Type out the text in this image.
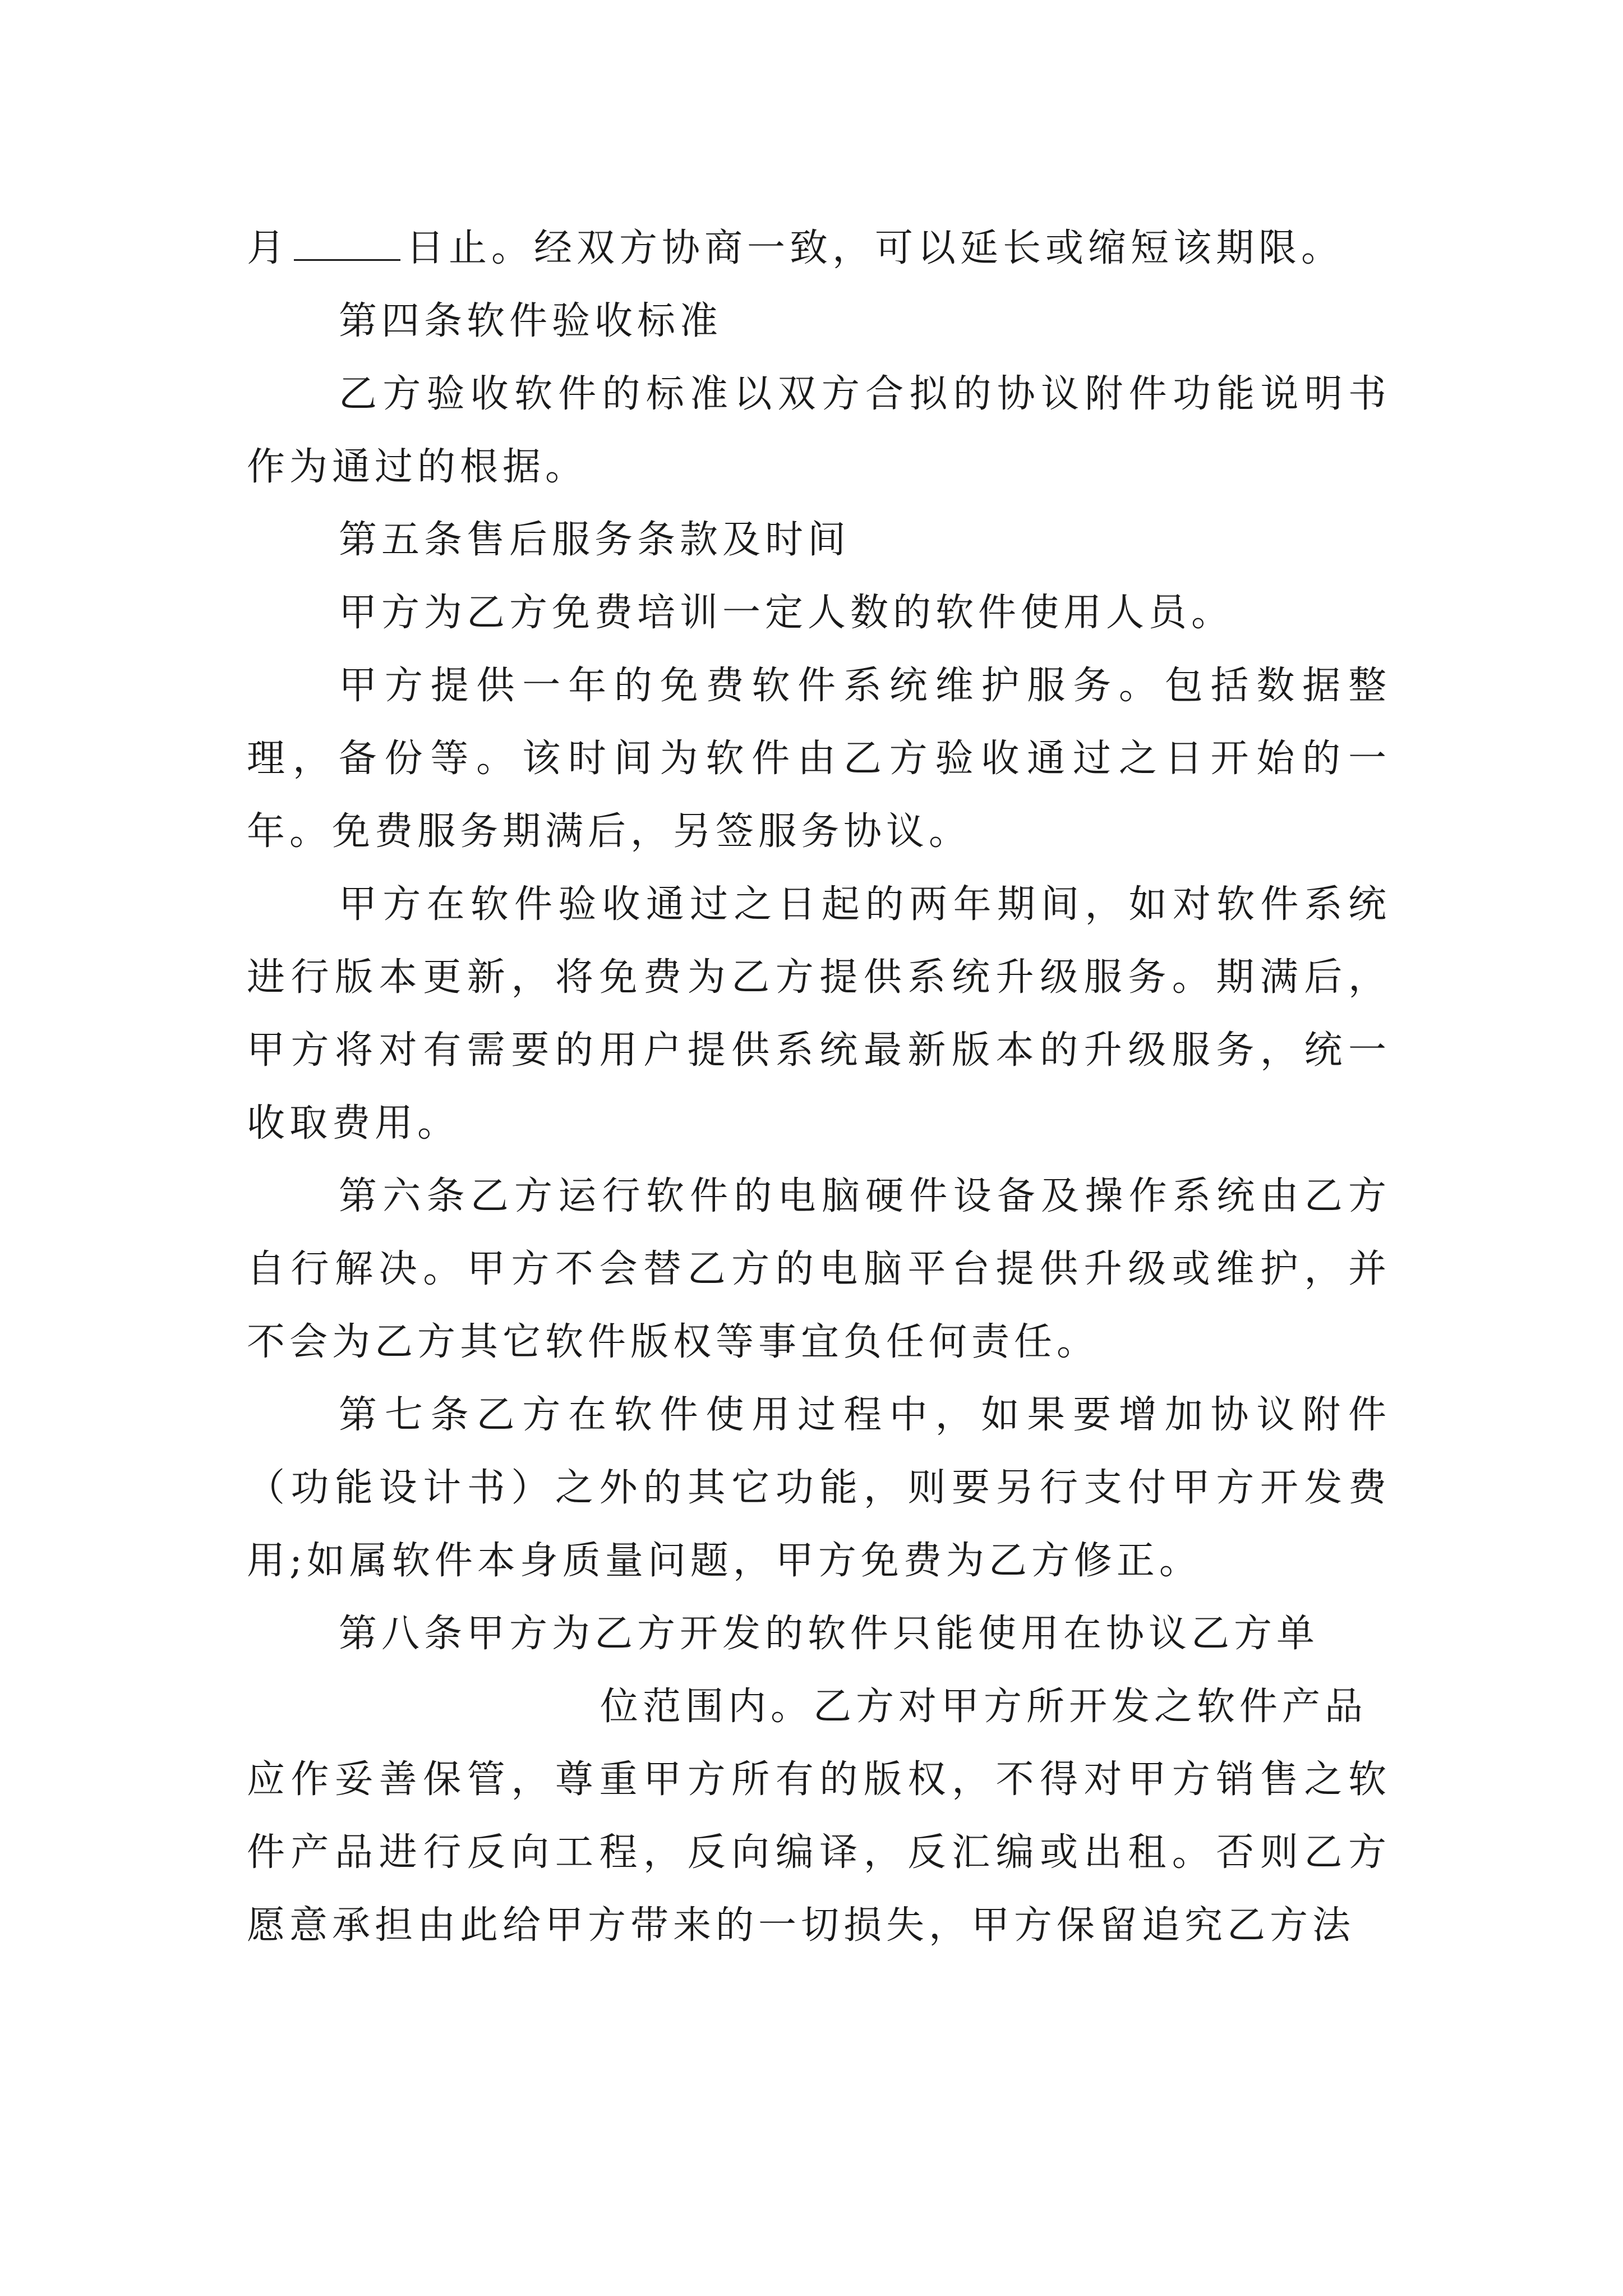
月	日止。经双方协商一致，可以延长或缩短该期限。

第四条软件验收标准

乙方验收软件的标准以双方合拟的协议附件功能说明书作为通过的根据。

第五条售后服务条款及时间

甲方为乙方免费培训一定人数的软件使用人员。

甲方提供一年的免费软件系统维护服务。包括数据整理，备份等。该时间为软件由乙方验收通过之日开始的一年。免费服务期满后，另签服务协议。

甲方在软件验收通过之日起的两年期间，如对软件系统进行版本更新，将免费为乙方提供系统升级服务。期满后，甲方将对有需要的用户提供系统最新版本的升级服务，统一收取费用。

第六条乙方运行软件的电脑硬件设备及操作系统由乙方自行解决。甲方不会替乙方的电脑平台提供升级或维护，并不会为乙方其它软件版权等事宜负任何责任。

第七条乙方在软件使用过程中，如果要增加协议附件（功能设计书）之外的其它功能，则要另行支付甲方开发费用;如属软件本身质量问题，甲方免费为乙方修正。

第八条甲方为乙方开发的软件只能使用在协议乙方单

位范围内。乙方对甲方所开发之软件产品

应作妥善保管，尊重甲方所有的版权，不得对甲方销售之软件产品进行反向工程，反向编译，反汇编或出租。否则乙方愿意承担由此给甲方带来的一切损失，甲方保留追究乙方法
